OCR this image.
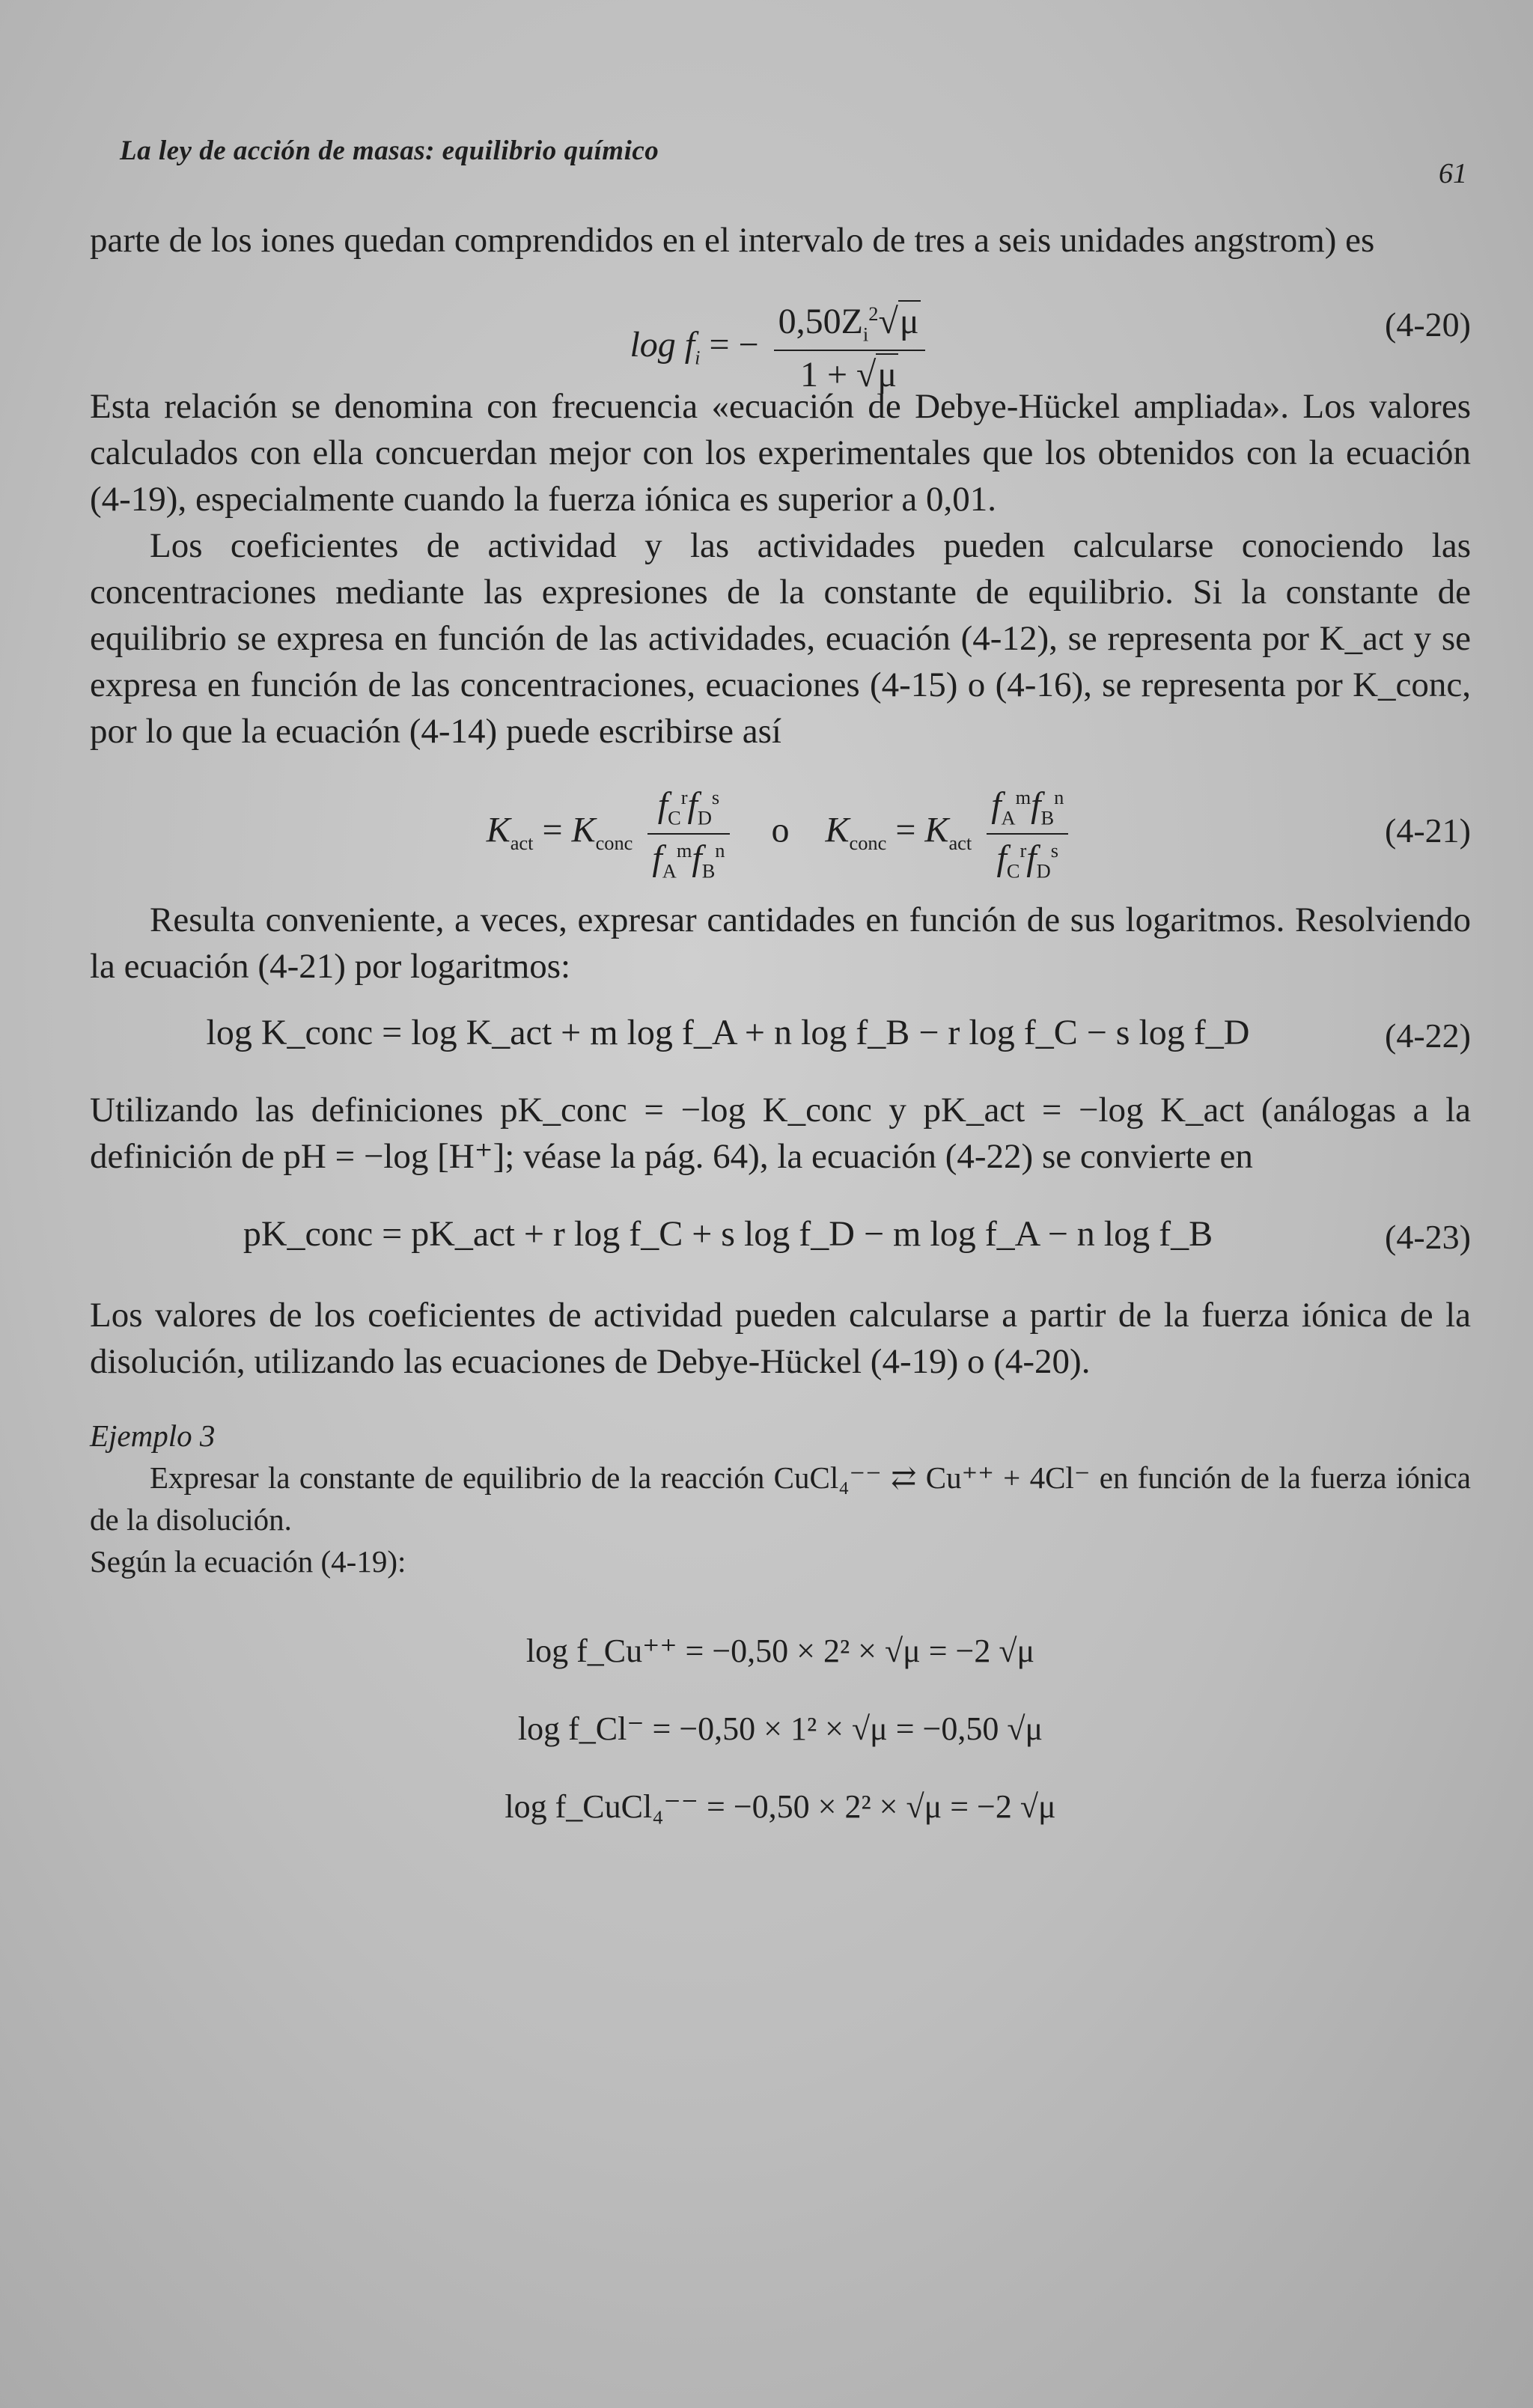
La ley de acción de masas: equilibrio químico
61

parte de los iones quedan comprendidos en el intervalo de tres a seis unidades angstrom) es

$\log f_i$ = − $\frac{0,50Z_i^2√\mu}{1 + √\mu}$	(4-20)

Esta relación se denomina con frecuencia «ecuación de Debye-Hückel ampliada». Los valores calculados con ella concuerdan mejor con los experimentales que los obtenidos con la ecuación (4-19), especialmente cuando la fuerza iónica es superior a 0,01.

Los coeficientes de actividad y las actividades pueden calcularse conociendo las concentraciones mediante las expresiones de la constante de equilibrio. Si la constante de equilibrio se expresa en función de las actividades, ecuación (4-12), se representa por K_act y se expresa en función de las concentraciones, ecuaciones (4-15) o (4-16), se representa por K_conc, por lo que la ecuación (4-14) puede escribirse así

$K_{act} = K_{conc} \frac{f_C^rf_D^s}{f_A^mf_B^n}$ o $K_{conc} = K_{act} \frac{f_A^mf_B^n}{f_C^rf_D^s}$	(4-21)

Resulta conveniente, a veces, expresar cantidades en función de sus logaritmos. Resolviendo la ecuación (4-21) por logaritmos:

log K_conc = log K_act + m log f_A + n log f_B − r log f_C − s log f_D	(4-22)

Utilizando las definiciones pK_conc = −log K_conc y pK_act = −log K_act (análogas a la definición de pH = −log [H⁺]; véase la pág. 64), la ecuación (4-22) se convierte en

pK_conc = pK_act + r log f_C + s log f_D − m log f_A − n log f_B	(4-23)

Los valores de los coeficientes de actividad pueden calcularse a partir de la fuerza iónica de la disolución, utilizando las ecuaciones de Debye-Hückel (4-19) o (4-20).

Ejemplo 3

Expresar la constante de equilibrio de la reacción CuCl₄⁻⁻ ⇄ Cu⁺⁺ + 4Cl⁻ en función de la fuerza iónica de la disolución.

Según la ecuación (4-19):

log f_Cu⁺⁺ = −0,50 × 2² × √μ = −2 √μ
log f_Cl⁻ = −0,50 × 1² × √μ = −0,50 √μ
log f_CuCl₄⁻⁻ = −0,50 × 2² × √μ = −2 √μ
